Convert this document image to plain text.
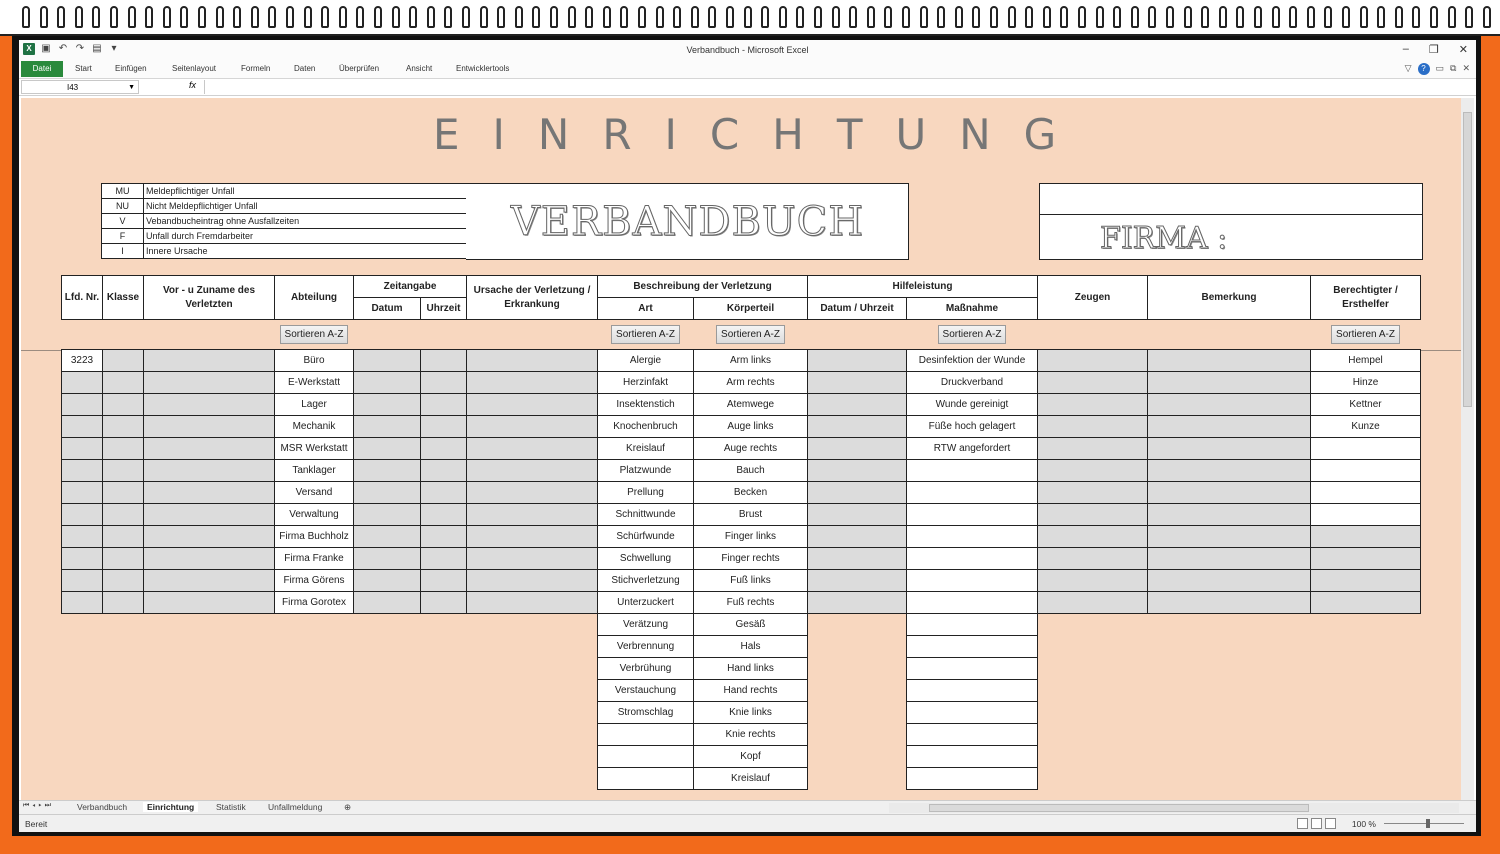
X ▣ ↶ ↷ ▤ ▾	Verbandbuch - Microsoft Excel	– ❐ ✕
Datei	Start	Einfügen	Seitenlayout	Formeln	Daten	Überprüfen	Ansicht	Entwicklertools	▽	?	▭ ⧉ ✕
I43	▼	fx
EINRICHTUNG
MU	Meldepflichtiger Unfall
NU	Nicht Meldepflichtiger Unfall
V	Vebandbucheintrag ohne Ausfallzeiten
F	Unfall durch Fremdarbeiter
I	Innere Ursache
VERBANDBUCH	FIRMA :
Lfd. Nr.	Klasse	Vor - u Zuname des Verletzten	Abteilung	Zeitangabe		Ursache der Verletzung / Erkrankung	Beschreibung der Verletzung		Hilfeleistung		Zeugen	Bemerkung	Berechtigter / Ersthelfer
				Datum	Uhrzeit		Art	Körperteil	Datum / Uhrzeit	Maßnahme			
			Sortieren A-Z				Sortieren A-Z	Sortieren A-Z		Sortieren A-Z			Sortieren A-Z
3223			Büro				Alergie	Arm links		Desinfektion der Wunde			Hempel
			E-Werkstatt				Herzinfakt	Arm rechts		Druckverband			Hinze
			Lager				Insektenstich	Atemwege		Wunde gereinigt			Kettner
			Mechanik				Knochenbruch	Auge links		Füße hoch gelagert			Kunze
			MSR Werkstatt				Kreislauf	Auge rechts		RTW angefordert			
			Tanklager				Platzwunde	Bauch					
			Versand				Prellung	Becken					
			Verwaltung				Schnittwunde	Brust					
			Firma Buchholz				Schürfwunde	Finger links					
			Firma Franke				Schwellung	Finger rechts					
			Firma Görens				Stichverletzung	Fuß links					
			Firma Gorotex				Unterzuckert	Fuß rechts					
							Verätzung	Gesäß					
							Verbrennung	Hals					
							Verbrühung	Hand links					
							Verstauchung	Hand rechts					
							Stromschlag	Knie links					
								Knie rechts					
								Kopf					
								Kreislauf					
⏮◂▸⏭	Verbandbuch	Einrichtung	Statistik	Unfallmeldung	⊕
Bereit	100 %
